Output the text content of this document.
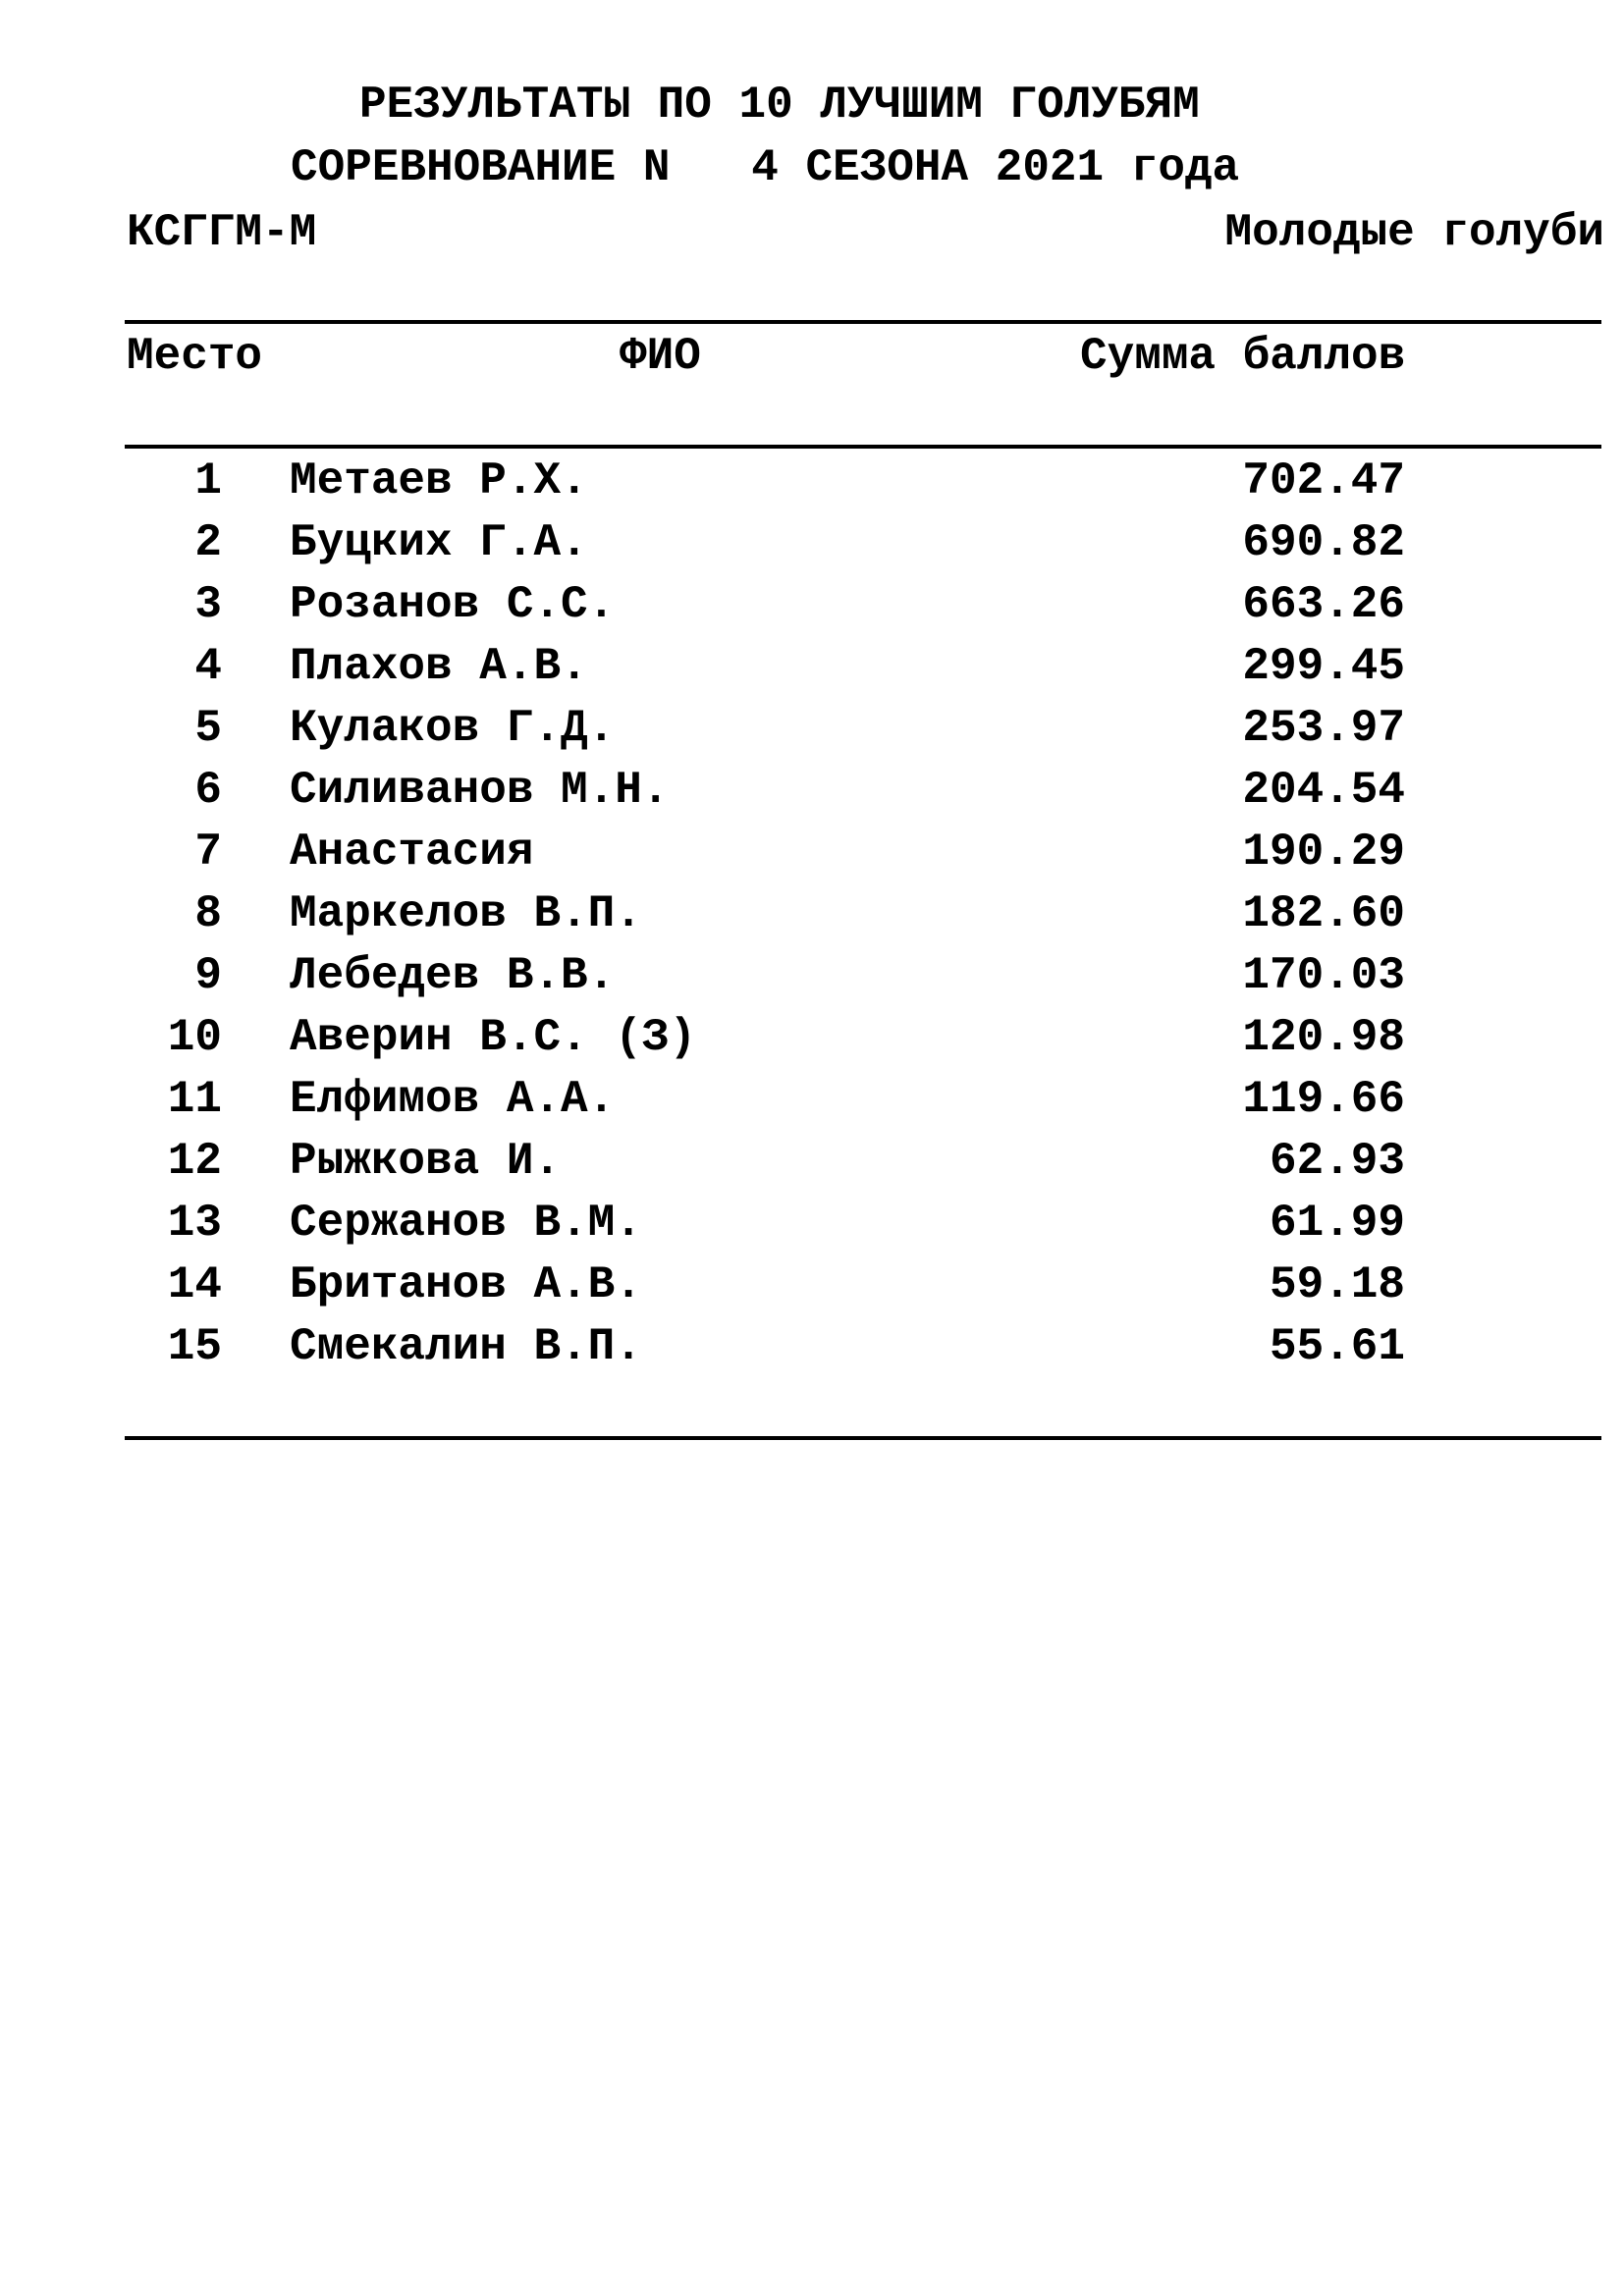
РЕЗУЛЬТАТЫ ПО 10 ЛУЧШИМ ГОЛУБЯМ
СОРЕВНОВАНИЕ N   4 СЕЗОНА 2021 года
КСГГМ-М	Молодые голуби
Место	ФИО	Сумма баллов
1 Метаев Р.Х.	702.47
2 Буцких Г.А.	690.82
3 Розанов С.С.	663.26
4 Плахов А.В.	299.45
5 Кулаков Г.Д.	253.97
6 Силиванов М.Н.	204.54
7 Анастасия	190.29
8 Маркелов В.П.	182.60
9 Лебедев В.В.	170.03
10 Аверин В.С. (З)	120.98
11 Елфимов А.А.	119.66
12 Рыжкова И.	62.93
13 Сержанов В.М.	61.99
14 Британов А.В.	59.18
15 Смекалин В.П.	55.61
